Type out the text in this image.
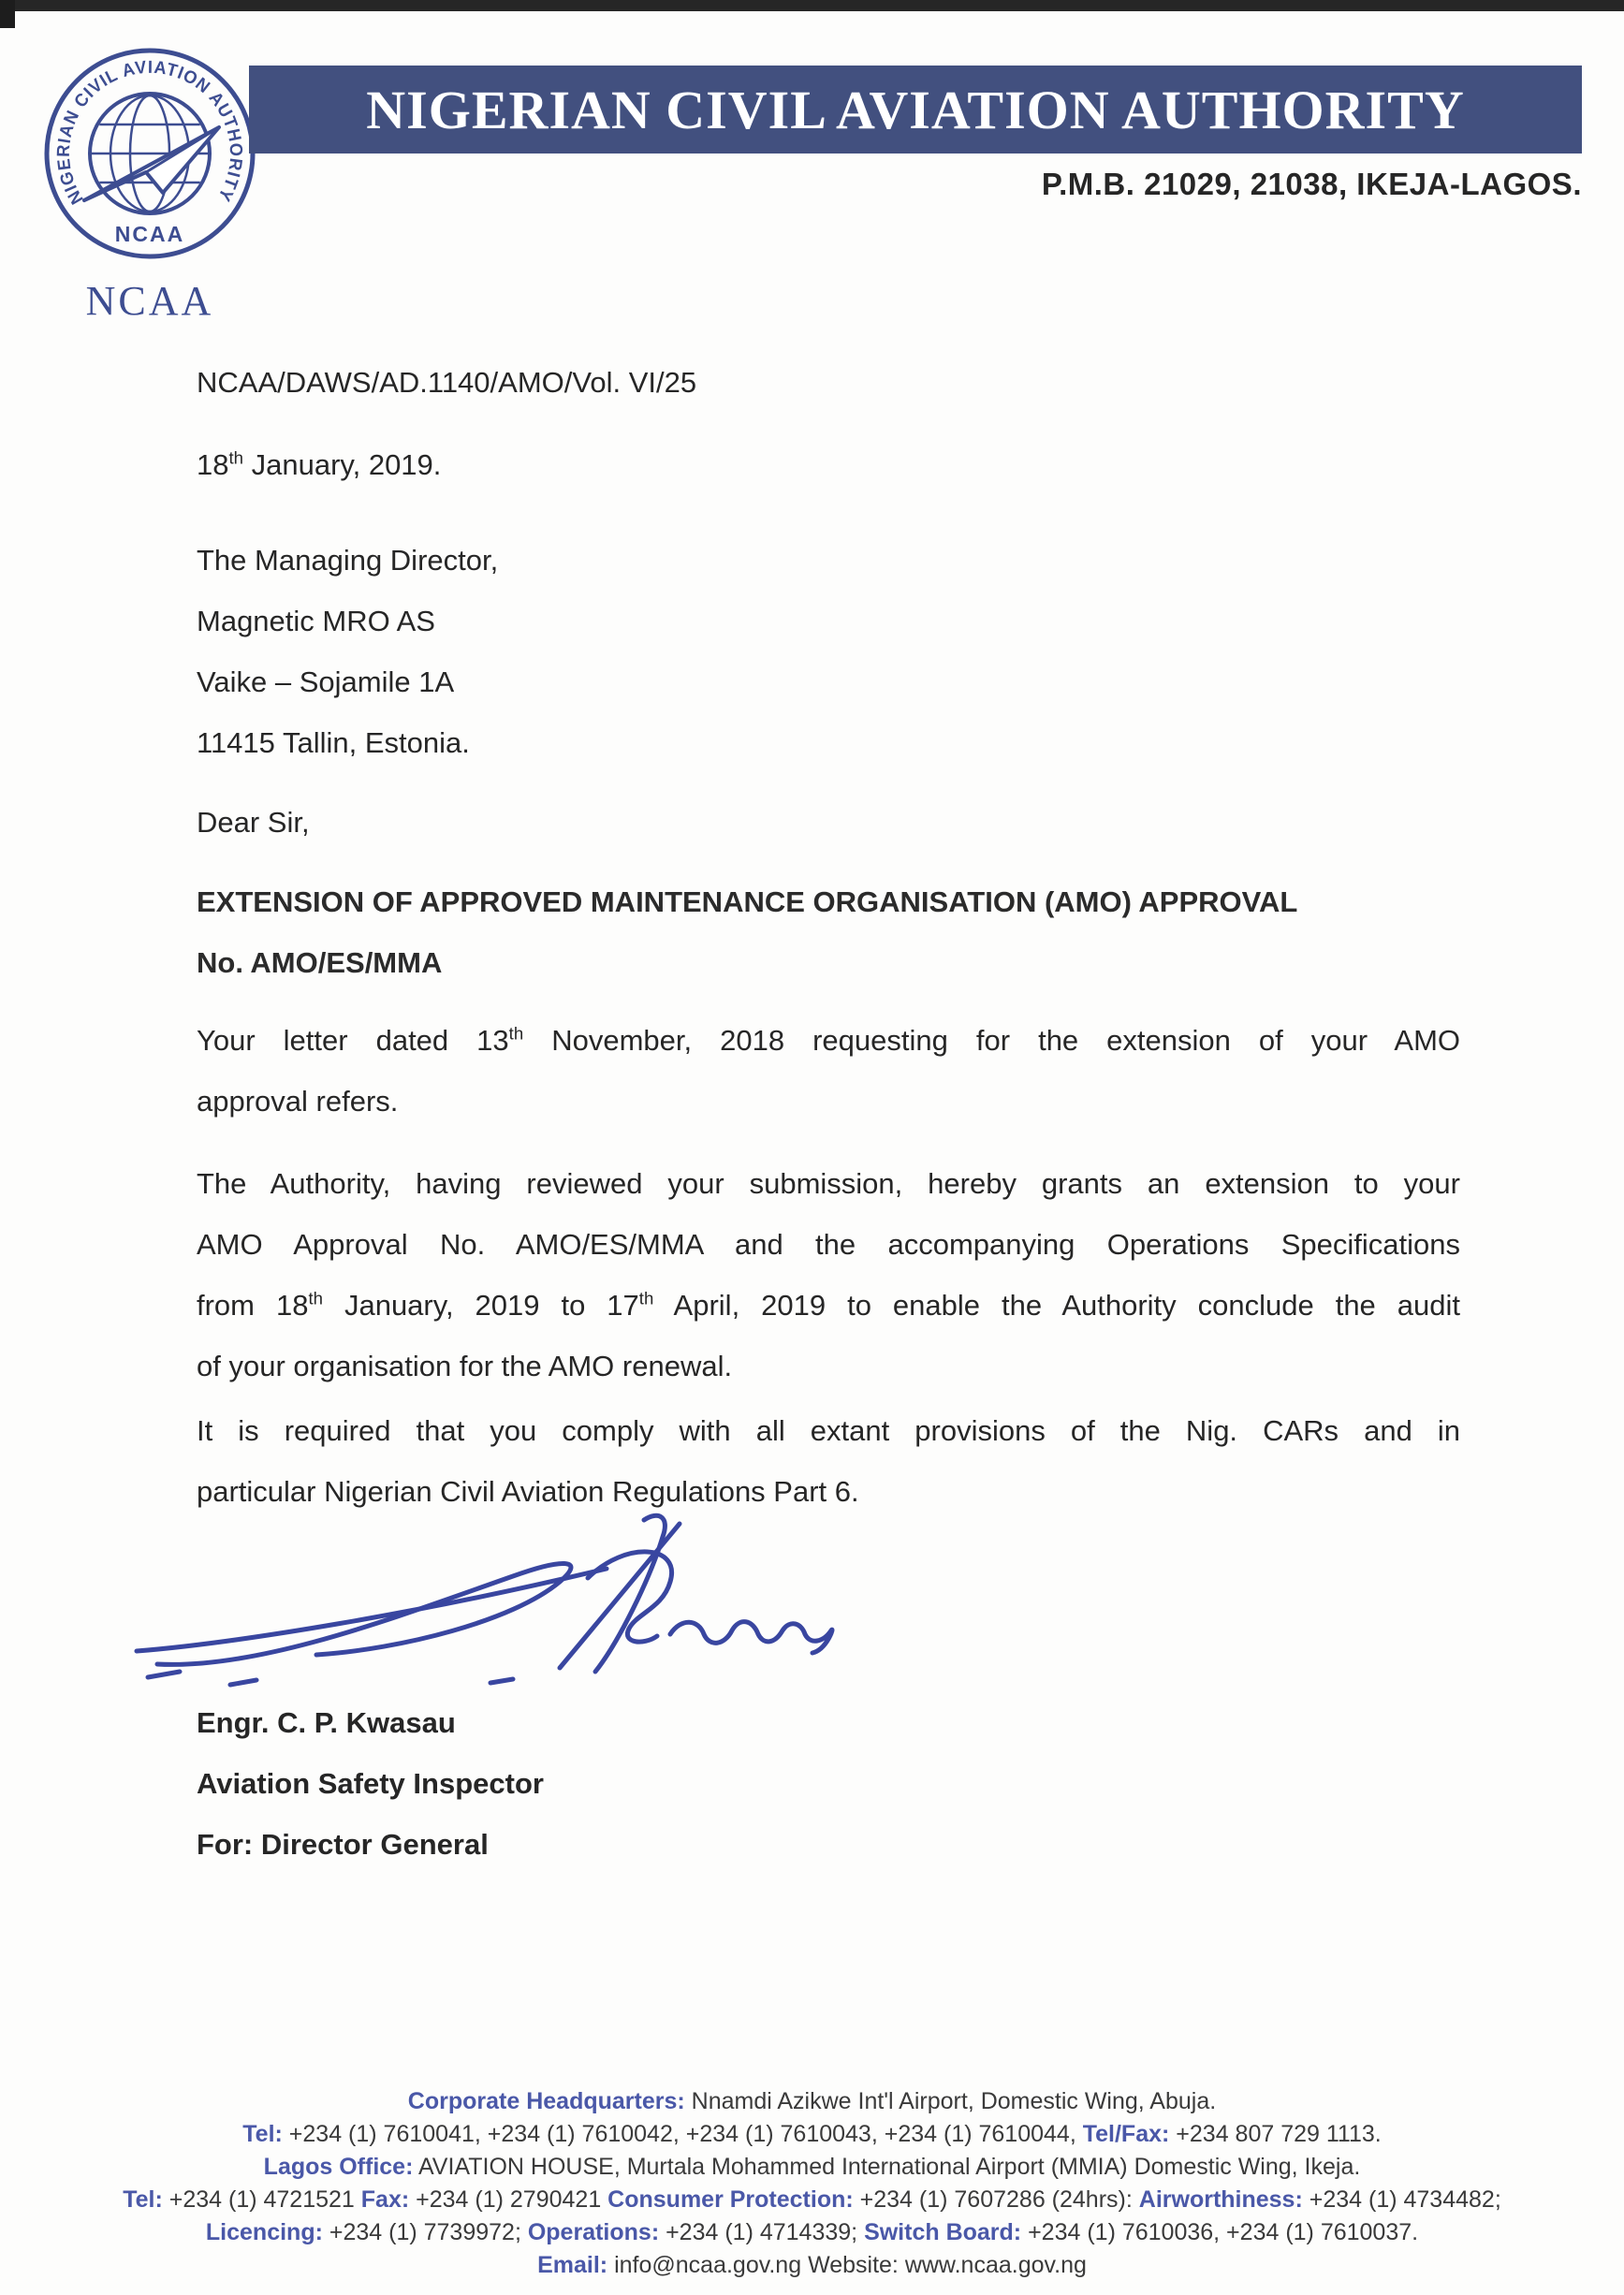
NIGERIAN CIVIL AVIATION AUTHORITY
NCAA
NCAA
NIGERIAN CIVIL AVIATION AUTHORITY
P.M.B. 21029, 21038, IKEJA-LAGOS.
NCAA/DAWS/AD.1140/AMO/Vol. VI/25
18th January, 2019.
The Managing Director,
Magnetic MRO AS
Vaike – Sojamile 1A
11415 Tallin, Estonia.
Dear Sir,
EXTENSION OF APPROVED MAINTENANCE ORGANISATION (AMO) APPROVAL
No. AMO/ES/MMA
Your letter dated 13th November, 2018 requesting for the extension of your AMO
approval refers.
The Authority, having reviewed your submission, hereby grants an extension to your
AMO Approval No. AMO/ES/MMA and the accompanying Operations Specifications
from 18th January, 2019 to 17th April, 2019 to enable the Authority conclude the audit
of your organisation for the AMO renewal.
It is required that you comply with all extant provisions of the Nig. CARs and in
particular Nigerian Civil Aviation Regulations Part 6.
Engr. C. P. Kwasau
Aviation Safety Inspector
For: Director General
Corporate Headquarters: Nnamdi Azikwe Int'l Airport, Domestic Wing, Abuja.
Tel: +234 (1) 7610041, +234 (1) 7610042, +234 (1) 7610043, +234 (1) 7610044, Tel/Fax: +234 807 729 1113.
Lagos Office: AVIATION HOUSE, Murtala Mohammed International Airport (MMIA) Domestic Wing, Ikeja.
Tel: +234 (1) 4721521 Fax: +234 (1) 2790421 Consumer Protection: +234 (1) 7607286 (24hrs): Airworthiness: +234 (1) 4734482;
Licencing: +234 (1) 7739972; Operations: +234 (1) 4714339; Switch Board: +234 (1) 7610036, +234 (1) 7610037.
Email: info@ncaa.gov.ng Website: www.ncaa.gov.ng
